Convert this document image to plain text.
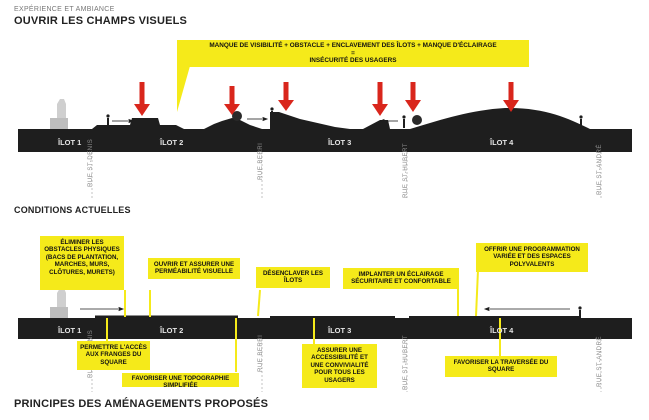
EXPÉRIENCE ET AMBIANCE
OUVRIR LES CHAMPS VISUELS
CONDITIONS ACTUELLES
PRINCIPES DES AMÉNAGEMENTS PROPOSÉS
RUE ST-DENIS	RUE BERRI	RUE ST-HUBERT	RUE ST-ANDRÉ
RUE BERRI	RUE ST-HUBERT	RUE ST-ANDRÉ
ÎLOT 1	ÎLOT 2	ÎLOT 3	ÎLOT 4
ÎLOT 1	ÎLOT 2	ÎLOT 3	ÎLOT 4
MANQUE DE VISIBILITÉ + OBSTACLE + ENCLAVEMENT DES ÎLOTS + MANQUE D'ÉCLAIRAGE
=
INSÉCURITÉ DES USAGERS
ÉLIMINER LES
OBSTACLES PHYSIQUES
(BACS DE PLANTATION,
MARCHES, MURS,
CLÔTURES, MURETS)
OUVRIR ET ASSURER UNE
PERMÉABILITÉ VISUELLE	DÉSENCLAVER LES
ÎLOTS
IMPLANTER UN ÉCLAIRAGE
SÉCURITAIRE ET CONFORTABLE
OFFRIR UNE PROGRAMMATION
VARIÉE ET DES ESPACES
POLYVALENTS
PERMETTRE L'ACCÈS
AUX FRANGES DU
SQUARE
FAVORISER UNE TOPOGRAPHIE
SIMPLIFIÉE
ASSURER UNE
ACCESSIBILITÉ ET
UNE CONVIVIALITÉ
POUR TOUS LES
USAGERS
FAVORISER LA TRAVERSÉE DU
SQUARE
